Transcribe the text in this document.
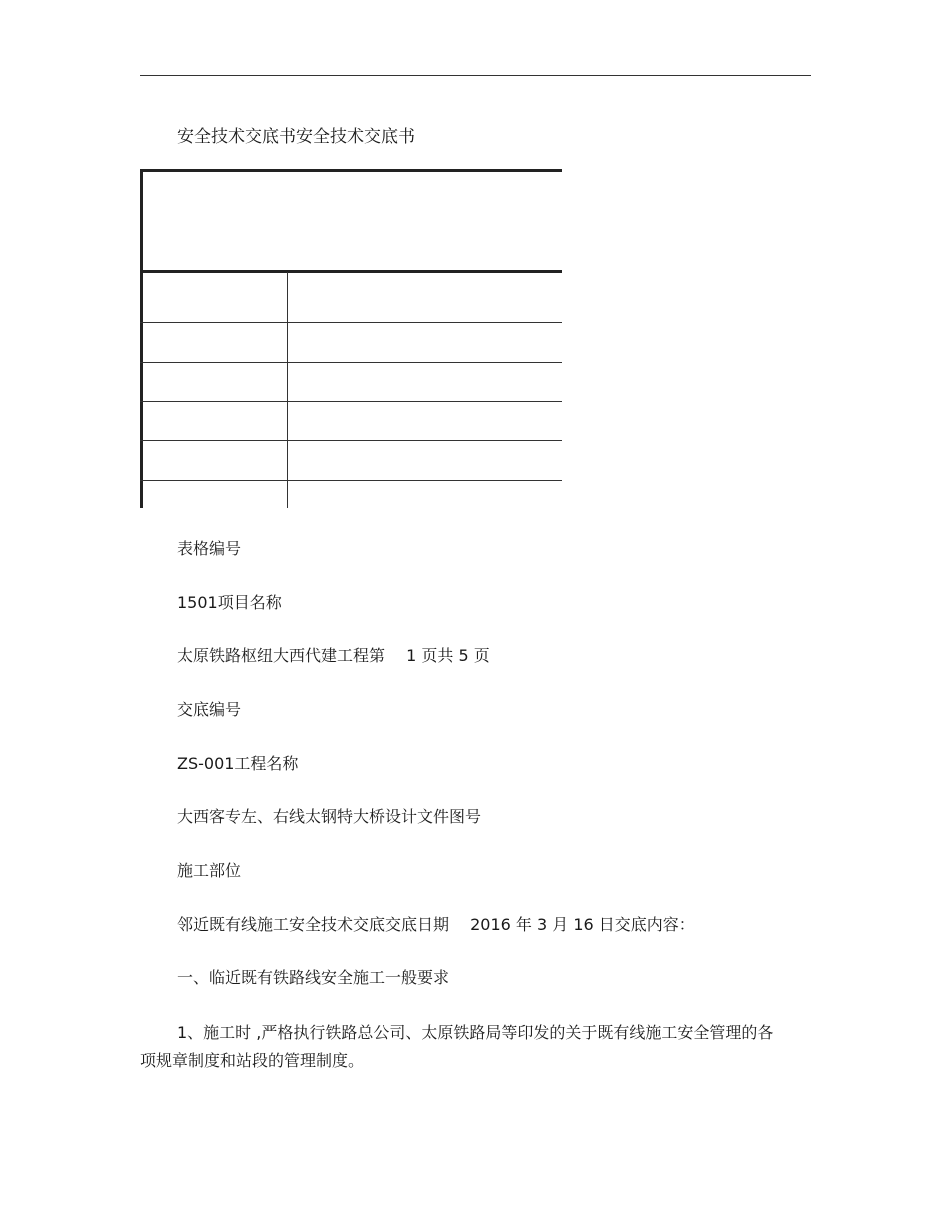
安全技术交底书安全技术交底书
表格编号
1501项目名称
太原铁路枢纽大西代建工程第　 1 页共 5 页
交底编号
ZS-001工程名称
大西客专左、右线太钢特大桥设计文件图号
施工部位
邻近既有线施工安全技术交底交底日期　 2016 年 3 月 16 日交底内容：
一、临近既有铁路线安全施工一般要求
1、施工时 ,严格执行铁路总公司、太原铁路局等印发的关于既有线施工安全管理的各项规章制度和站段的管理制度。
